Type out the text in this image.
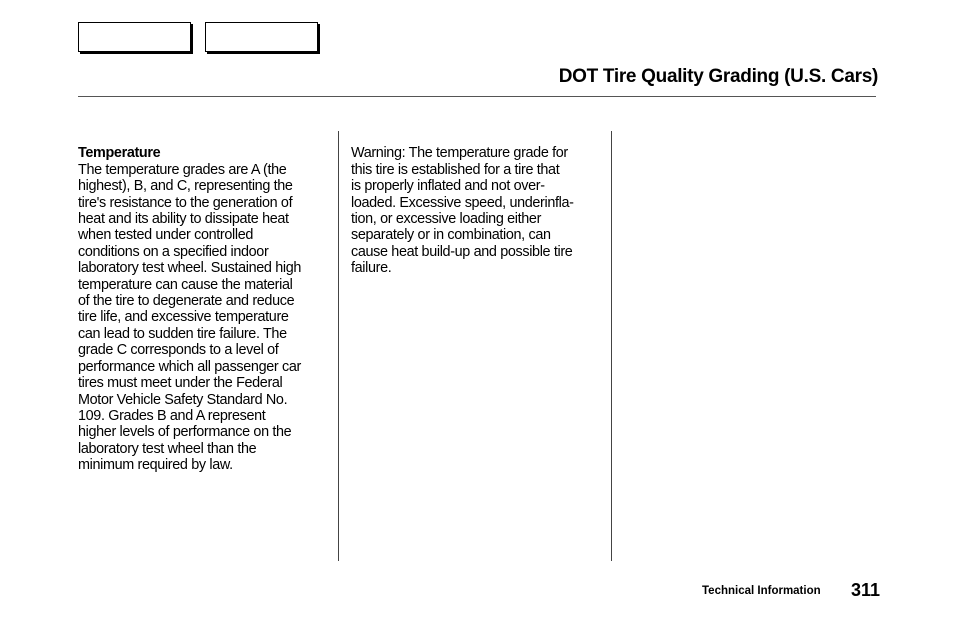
DOT Tire Quality Grading (U.S. Cars)

Temperature
The temperature grades are A (the
highest), B, and C, representing the
tire's resistance to the generation of
heat and its ability to dissipate heat
when tested under controlled
conditions on a specified indoor
laboratory test wheel. Sustained high
temperature can cause the material
of the tire to degenerate and reduce
tire life, and excessive temperature
can lead to sudden tire failure. The
grade C corresponds to a level of
performance which all passenger car
tires must meet under the Federal
Motor Vehicle Safety Standard No.
109. Grades B and A represent
higher levels of performance on the
laboratory test wheel than the
minimum required by law.

Warning: The temperature grade for
this tire is established for a tire that
is properly inflated and not over-
loaded. Excessive speed, underinfla-
tion, or excessive loading either
separately or in combination, can
cause heat build-up and possible tire
failure.

Technical Information 311
